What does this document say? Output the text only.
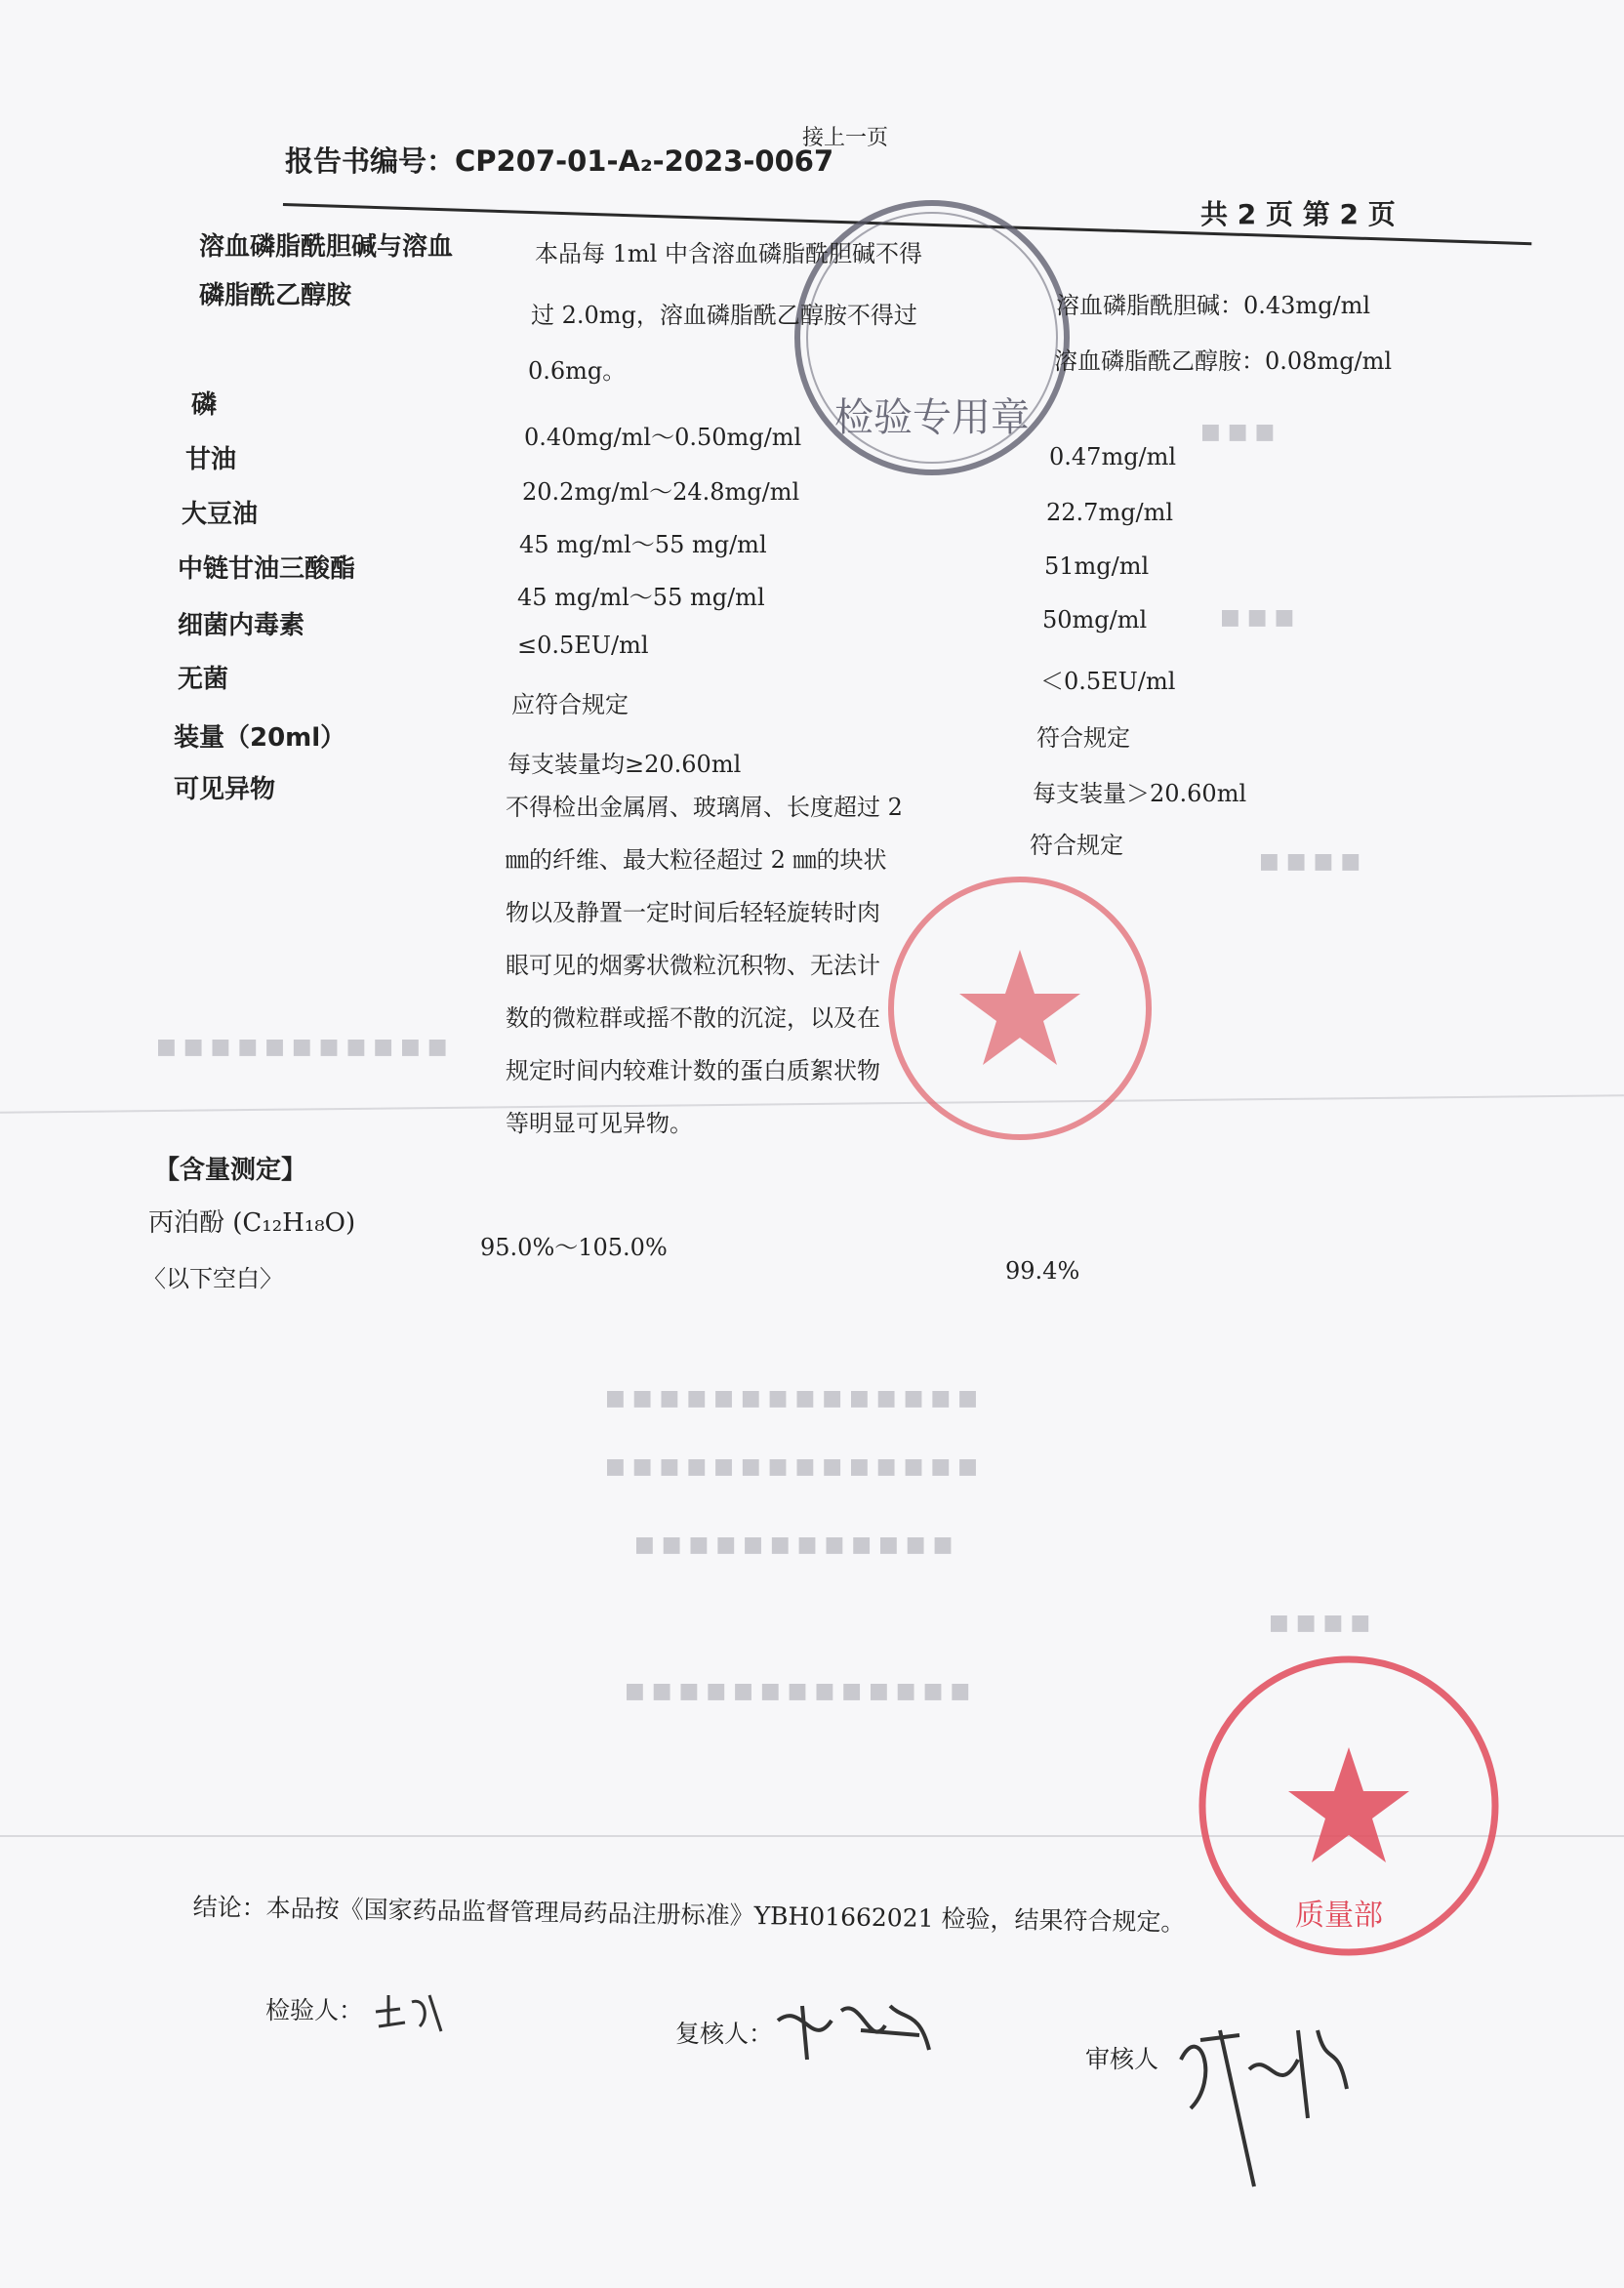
■ ■ ■
■ ■ ■
■ ■ ■ ■
■ ■ ■ ■ ■ ■ ■ ■ ■ ■ ■
■ ■ ■ ■ ■ ■ ■ ■ ■ ■ ■ ■ ■ ■
■ ■ ■ ■ ■ ■ ■ ■ ■ ■ ■ ■ ■ ■
■ ■ ■ ■ ■ ■ ■ ■ ■ ■ ■ ■
■ ■ ■ ■ ■ ■ ■ ■ ■ ■ ■ ■ ■
■ ■ ■ ■
接上一页
报告书编号：CP207-01-A₂-2023-0067
共 2 页 第 2 页
检验专用章
溶血磷脂酰胆碱与溶血
磷脂酰乙醇胺
本品每 1ml 中含溶血磷脂酰胆碱不得
过 2.0mg，溶血磷脂酰乙醇胺不得过
0.6mg。
溶血磷脂酰胆碱：0.43mg/ml
溶血磷脂酰乙醇胺：0.08mg/ml
磷
0.40mg/ml～0.50mg/ml
0.47mg/ml
甘油
20.2mg/ml～24.8mg/ml
22.7mg/ml
大豆油
45 mg/ml～55 mg/ml
51mg/ml
中链甘油三酸酯
45 mg/ml～55 mg/ml
50mg/ml
细菌内毒素
≤0.5EU/ml
＜0.5EU/ml
无菌
应符合规定
符合规定
装量（20ml）
每支装量均≥20.60ml
每支装量＞20.60ml
可见异物
符合规定
不得检出金属屑、玻璃屑、长度超过 2
㎜的纤维、最大粒径超过 2 ㎜的块状
物以及静置一定时间后轻轻旋转时肉
眼可见的烟雾状微粒沉积物、无法计
数的微粒群或摇不散的沉淀，以及在
规定时间内较难计数的蛋白质絮状物
等明显可见异物。
【含量测定】
丙泊酚 (C₁₂H₁₈O)
95.0%～105.0%
99.4%
〈以下空白〉
质量部
结论：本品按《国家药品监督管理局药品注册标准》YBH01662021 检验，结果符合规定。
检验人：
复核人：
审核人
